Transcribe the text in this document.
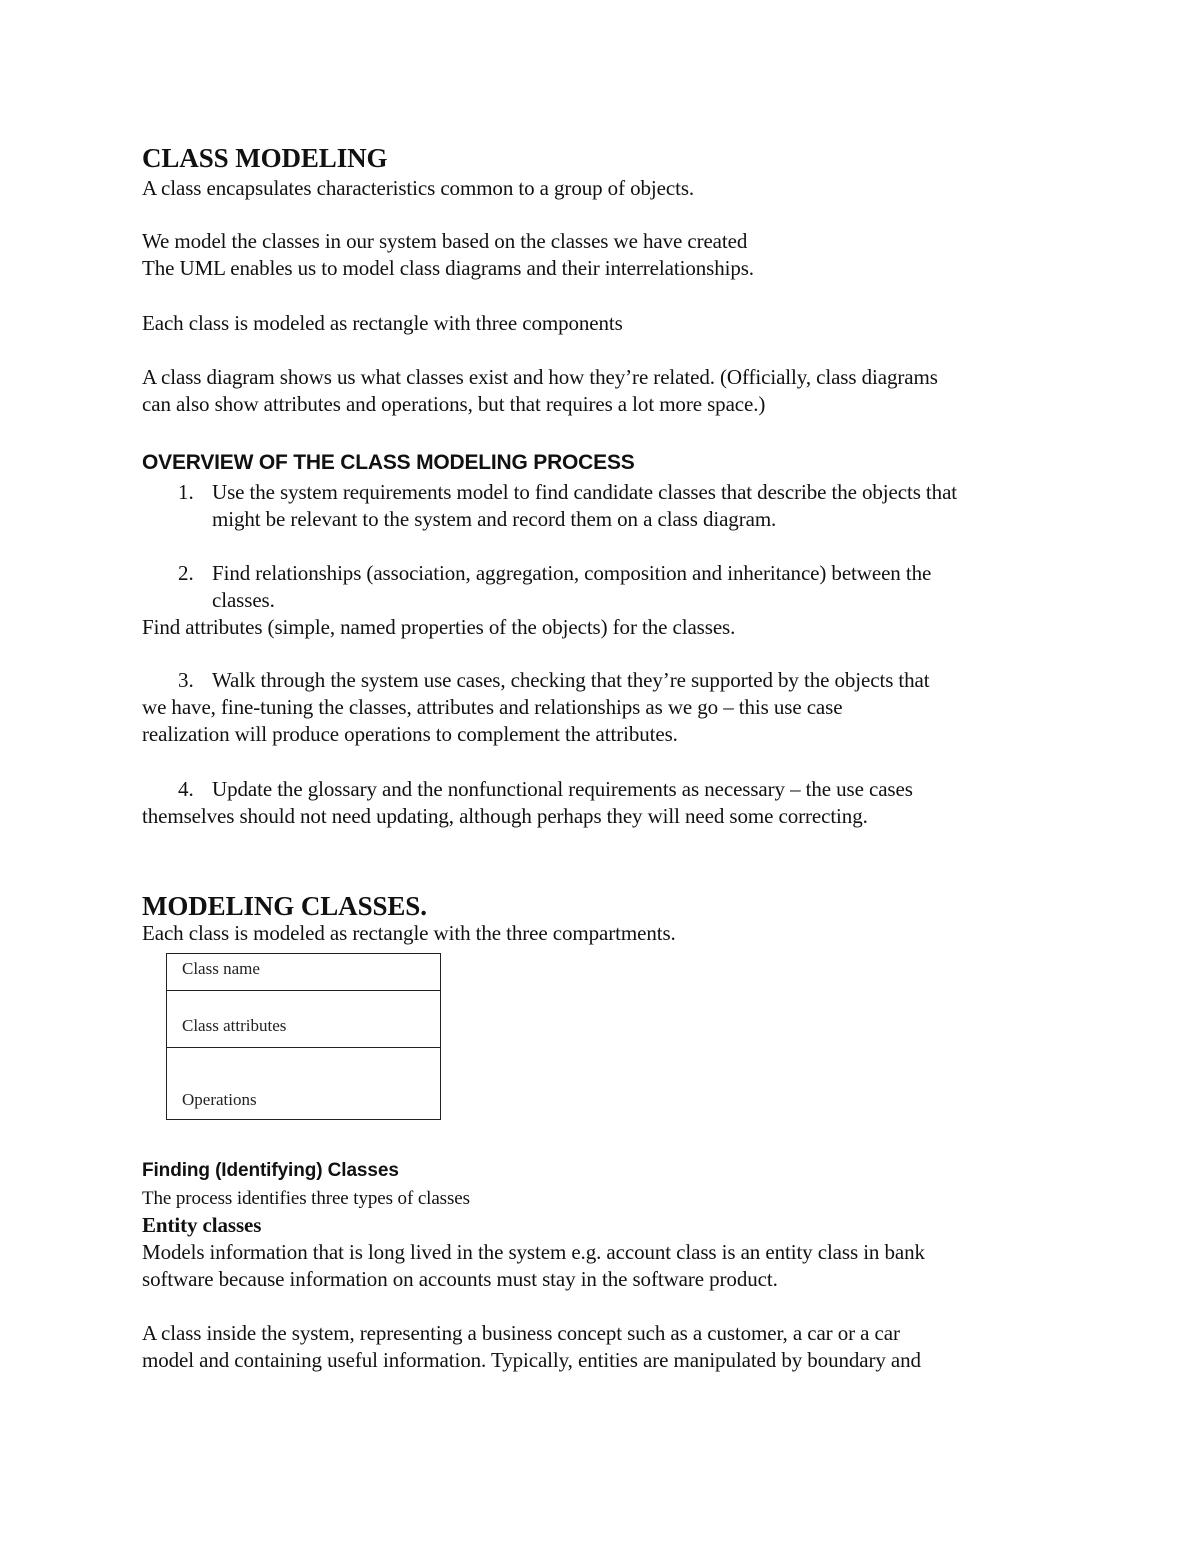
CLASS MODELING
A class encapsulates characteristics common to a group of objects.
We model the classes in our system based on the classes we have created
The UML enables us to model class diagrams and their interrelationships.
Each class is modeled as rectangle with three components
A class diagram shows us what classes exist and how they’re related. (Officially, class diagrams
can also show attributes and operations, but that requires a lot more space.)
OVERVIEW OF THE CLASS MODELING PROCESS
1. Use the system requirements model to find candidate classes that describe the objects that
might be relevant to the system and record them on a class diagram.
2. Find relationships (association, aggregation, composition and inheritance) between the
classes.
Find attributes (simple, named properties of the objects) for the classes.
3. Walk through the system use cases, checking that they’re supported by the objects that
we have, fine-tuning the classes, attributes and relationships as we go – this use case
realization will produce operations to complement the attributes.
4. Update the glossary and the nonfunctional requirements as necessary – the use cases
themselves should not need updating, although perhaps they will need some correcting.
MODELING CLASSES.
Each class is modeled as rectangle with the three compartments.
Finding (Identifying) Classes
The process identifies three types of classes
Entity classes
Models information that is long lived in the system e.g. account class is an entity class in bank
software because information on accounts must stay in the software product.
A class inside the system, representing a business concept such as a customer, a car or a car
model and containing useful information. Typically, entities are manipulated by boundary and
Class name
Class attributes
Operations
